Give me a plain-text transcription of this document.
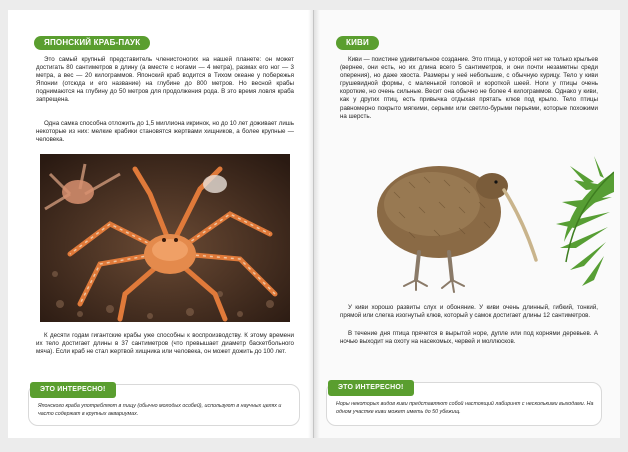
ЯПОНСКИЙ КРАБ-ПАУК
Это самый крупный представитель членистоногих на нашей планете: он может достигать 80 сантиметров в длину (а вместе с ногами — 4 метра), размах его ног — 3 метра, а вес — 20 килограммов. Японский краб водится в Тихом океане у побережья Японии (отсюда и его название) на глубине до 800 метров. Но весной крабы поднимаются на глубину до 50 метров для продолжения рода. В это время ловля краба запрещена.
Одна самка способна отложить до 1,5 миллиона икринок, но до 10 лет доживает лишь некоторые из них: мелкие крабики становятся жертвами хищников, а более крупные — человека.
К десяти годам гигантские крабы уже способны к воспроизводству. К этому времени их тело достигает длины в 37 сантиметров (что превышает диаметр баскетбольного мяча). Если краб не стал жертвой хищника или человека, он может дожить до 100 лет.
ЭТО ИНТЕРЕСНО!
Японского краба употребляют в пищу (обычно молодых особей), используют в научных целях и часто содержат в крупных аквариумах.
КИВИ
Киви — поистине удивительное создание. Это птица, у которой нет не только крыльев (вернее, они есть, но их длина всего 5 сантиметров, и они почти незаметны среди оперения), но даже хвоста. Размеры у неё небольшие, с обычную курицу. Тело у киви грушевидной формы, с маленькой головой и короткой шеей. Ноги у птицы очень короткие, но очень сильные. Весит она обычно не более 4 килограммов. Однако у киви, как у других птиц, есть привычка отдыхая прятать клюв под крыло. Тело птицы равномерно покрыто мягкими, серыми или светло-бурыми перьями, которые похожими на шерсть.
У киви хорошо развиты слух и обоняние. У киви очень длинный, гибкий, тонкий, прямой или слегка изогнутый клюв, который у самок достигает длины 12 сантиметров.
В течение дня птица прячется в вырытой норе, дупле или под корнями деревьев. А ночью выходит на охоту на насекомых, червей и моллюсков.
ЭТО ИНТЕРЕСНО!
Норы некоторых видов киви представляют собой настоящий лабиринт с несколькими выходами. На одном участке киви может иметь до 50 убежищ.
